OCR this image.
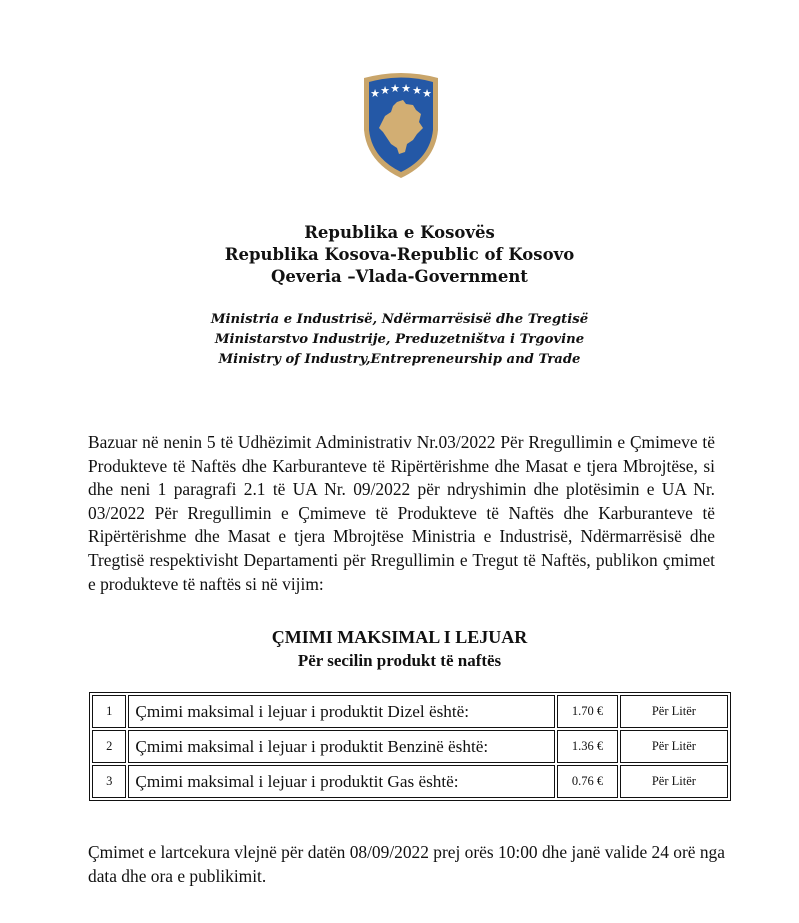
★ ★ ★ ★ ★ ★
Republika e Kosovës
Republika Kosova-Republic of Kosovo
Qeveria –Vlada-Government
Ministria e Industrisë, Ndërmarrësisë dhe Tregtisë
Ministarstvo Industrije, Preduzetništva i Trgovine
Ministry of Industry,Entrepreneurship and Trade
Bazuar në nenin 5 të Udhëzimit Administrativ Nr.03/2022 Për Rregullimin e Çmimeve të Produkteve të Naftës dhe Karburanteve të Ripërtërishme dhe Masat e tjera Mbrojtëse, si dhe neni 1 paragrafi 2.1 të UA Nr. 09/2022 për ndryshimin dhe plotësimin e UA Nr. 03/2022 Për Rregullimin e Çmimeve të Produkteve të Naftës dhe Karburanteve të Ripërtërishme dhe Masat e tjera Mbrojtëse Ministria e Industrisë, Ndërmarrësisë dhe Tregtisë respektivisht Departamenti për Rregullimin e Tregut të Naftës, publikon çmimet e produkteve të naftës si në vijim:
ÇMIMI MAKSIMAL I LEJUAR
Për secilin produkt të naftës
1	Çmimi maksimal i lejuar i produktit Dizel është:	1.70 €	Për Litër
2	Çmimi maksimal i lejuar i produktit Benzinë është:	1.36 €	Për Litër
3	Çmimi maksimal i lejuar i produktit Gas është:	0.76 €	Për Litër
Çmimet e lartcekura vlejnë për datën 08/09/2022 prej orës 10:00 dhe janë valide 24 orë nga data dhe ora e publikimit.
